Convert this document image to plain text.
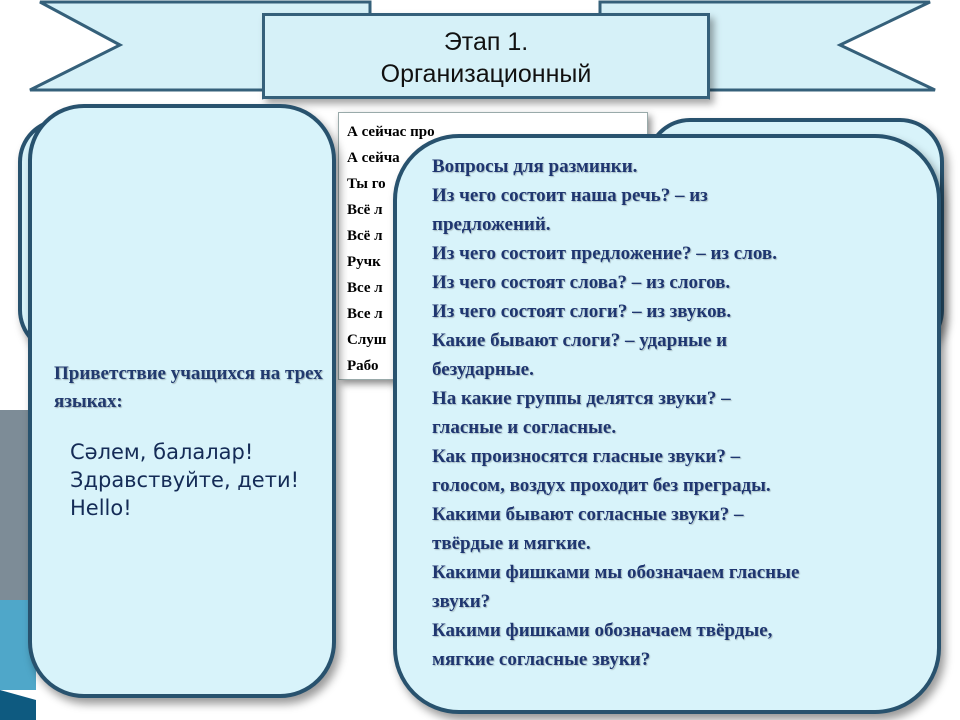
Этап 1.
Организационный
А сейчас про
А сейча
Ты го
Всё л
Всё л
Ручк
Все л
Все л
Слуш
Рабо
Приветствие учащихся на трех языках:
Сәлем, балалар!
Здравствуйте, дети!
Hello!
Вопросы для разминки.
Из чего состоит наша речь? – из
предложений.
Из чего состоит предложение? – из слов.
Из чего состоят слова? – из слогов.
Из чего состоят слоги? – из звуков.
Какие бывают слоги? – ударные и
безударные.
На какие группы делятся звуки? –
гласные и согласные.
Как произносятся гласные звуки? –
голосом, воздух проходит без преграды.
Какими бывают согласные звуки? –
твёрдые и мягкие.
Какими фишками мы обозначаем гласные
звуки?
Какими фишками обозначаем твёрдые,
мягкие согласные звуки?
